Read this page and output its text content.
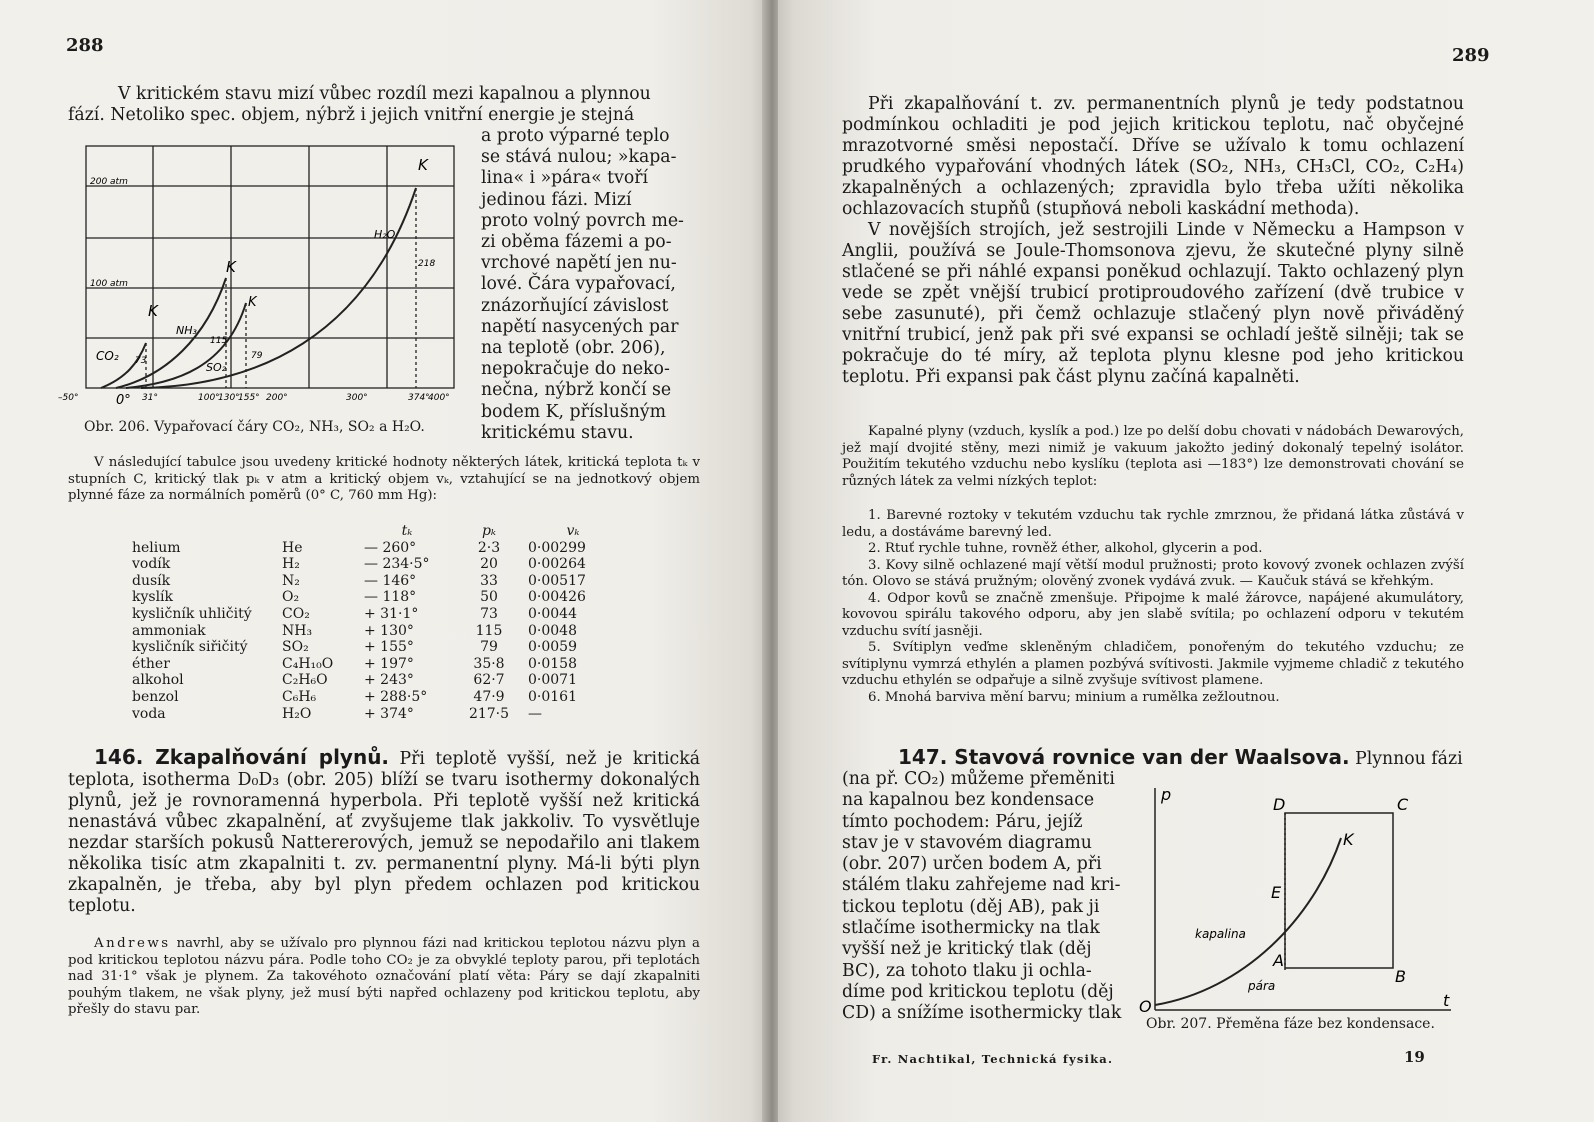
288
V kritickém stavu mizí vůbec rozdíl mezi kapalnou a plynnou
fází. Netoliko spec. objem, nýbrž i jejich vnitřní energie je stejná
a proto výparné teplo
se stává nulou; »kapa-
lina« i »pára« tvoří
jedinou fázi. Mizí
proto volný povrch me-
zi oběma fázemi a po-
vrchové napětí jen nu-
lové. Čára vypařovací,
znázorňující závislost
napětí nasycených par
na teplotě (obr. 206),
nepokračuje do neko-
nečna, nýbrž končí se
bodem K, příslušným
kritickému stavu.
200 atm
100 atm
K
K
K
K
H₂O
NH₃
SO₂
CO₂ 73
115
79
218
–50°	0° 31°	100°
130°
155° 200°	300°	374°
400°
Obr. 206. Vypařovací čáry CO₂, NH₃, SO₂ a H₂O.
V následující tabulce jsou uvedeny kritické hodnoty některých látek, kritická teplota tₖ v stupních C, kritický tlak pₖ v atm a kritický objem vₖ, vztahující se na jednotkový objem plynné fáze za normálních poměrů (0° C, 760 mm Hg):
		tₖ	pₖ	vₖ
helium	He	— 260°	2·3	0·00299
vodík	H₂	— 234·5°	20	0·00264
dusík	N₂	— 146°	33	0·00517
kyslík	O₂	— 118°	50	0·00426
kysličník uhličitý	CO₂	+ 31·1°	73	0·0044
ammoniak	NH₃	+ 130°	115	0·0048
kysličník siřičitý	SO₂	+ 155°	79	0·0059
éther	C₄H₁₀O	+ 197°	35·8	0·0158
alkohol	C₂H₆O	+ 243°	62·7	0·0071
benzol	C₆H₆	+ 288·5°	47·9	0·0161
voda	H₂O	+ 374°	217·5	—
146. Zkapalňování plynů. Při teplotě vyšší, než je kritická teplota, isotherma D₀D₃ (obr. 205) blíží se tvaru isothermy dokonalých plynů, jež je rovnoramenná hyperbola. Při teplotě vyšší než kritická nenastává vůbec zkapalnění, ať zvyšujeme tlak jakkoliv. To vysvětluje nezdar starších pokusů Nattererových, jemuž se nepodařilo ani tlakem několika tisíc atm zkapalniti t. zv. permanentní plyny. Má-li býti plyn zkapalněn, je třeba, aby byl plyn předem ochlazen pod kritickou teplotu.
Andrews navrhl, aby se užívalo pro plynnou fázi nad kritickou teplotou názvu plyn a pod kritickou teplotou názvu pára. Podle toho CO₂ je za obvyklé teploty parou, při teplotách nad 31·1° však je plynem. Za takovéhoto označování platí věta: Páry se dají zkapalniti pouhým tlakem, ne však plyny, jež musí býti napřed ochlazeny pod kritickou teplotu, aby přešly do stavu par.
289
Při zkapalňování t. zv. permanentních plynů je tedy podstatnou podmínkou ochladiti je pod jejich kritickou teplotu, nač obyčejné mrazotvorné směsi nepostačí. Dříve se užívalo k tomu ochlazení prudkého vypařování vhodných látek (SO₂, NH₃, CH₃Cl, CO₂, C₂H₄) zkapalněných a ochlazených; zpravidla bylo třeba užíti několika ochlazovacích stupňů (stupňová neboli kaskádní methoda).
V novějších strojích, jež sestrojili Linde v Německu a Hampson v Anglii, používá se Joule-Thomsonova zjevu, že skutečné plyny silně stlačené se při náhlé expansi poněkud ochlazují. Takto ochlazený plyn vede se zpět vnější trubicí protiproudového zařízení (dvě trubice v sebe zasunuté), při čemž ochlazuje stlačený plyn nově přiváděný vnitřní trubicí, jenž pak při své expansi se ochladí ještě silněji; tak se pokračuje do té míry, až teplota plynu klesne pod jeho kritickou teplotu. Při expansi pak část plynu začíná kapalněti.
Kapalné plyny (vzduch, kyslík a pod.) lze po delší dobu chovati v nádobách Dewarových, jež mají dvojité stěny, mezi nimiž je vakuum jakožto jediný dokonalý tepelný isolátor. Použitím tekutého vzduchu nebo kyslíku (teplota asi —183°) lze demonstrovati chování se různých látek za velmi nízkých teplot:
1. Barevné roztoky v tekutém vzduchu tak rychle zmrznou, že přidaná látka zůstává v ledu, a dostáváme barevný led.
2. Rtuť rychle tuhne, rovněž éther, alkohol, glycerin a pod.
3. Kovy silně ochlazené mají větší modul pružnosti; proto kovový zvonek ochlazen zvýší tón. Olovo se stává pružným; olověný zvonek vydává zvuk. — Kaučuk stává se křehkým.
4. Odpor kovů se značně zmenšuje. Připojme k malé žárovce, napájené akumulátory, kovovou spirálu takového odporu, aby jen slabě svítila; po ochlazení odporu v tekutém vzduchu svítí jasněji.
5. Svítiplyn veďme skleněným chladičem, ponořeným do tekutého vzduchu; ze svítiplynu vymrzá ethylén a plamen pozbývá svítivosti. Jakmile vyjmeme chladič z tekutého vzduchu ethylén se odpařuje a silně zvyšuje svítivost plamene.
6. Mnohá barviva mění barvu; minium a rumělka zežloutnou.
147. Stavová rovnice van der Waalsova. Plynnou fázi
(na př. CO₂) můžeme přeměniti
na kapalnou bez kondensace
tímto pochodem: Páru, jejíž
stav je v stavovém diagramu
(obr. 207) určen bodem A, při
stálém tlaku zahřejeme nad kri-
tickou teplotu (děj AB), pak ji
stlačíme isothermicky na tlak
vyšší než je kritický tlak (děj
BC), za tohoto tlaku ji ochla-
díme pod kritickou teplotu (děj
CD) a snížíme isothermicky tlak
p
D	C
K
E
kapalina
A
B
pára
O	t
Obr. 207. Přeměna fáze bez kondensace.
Fr. Nachtikal, Technická fysika.	19
